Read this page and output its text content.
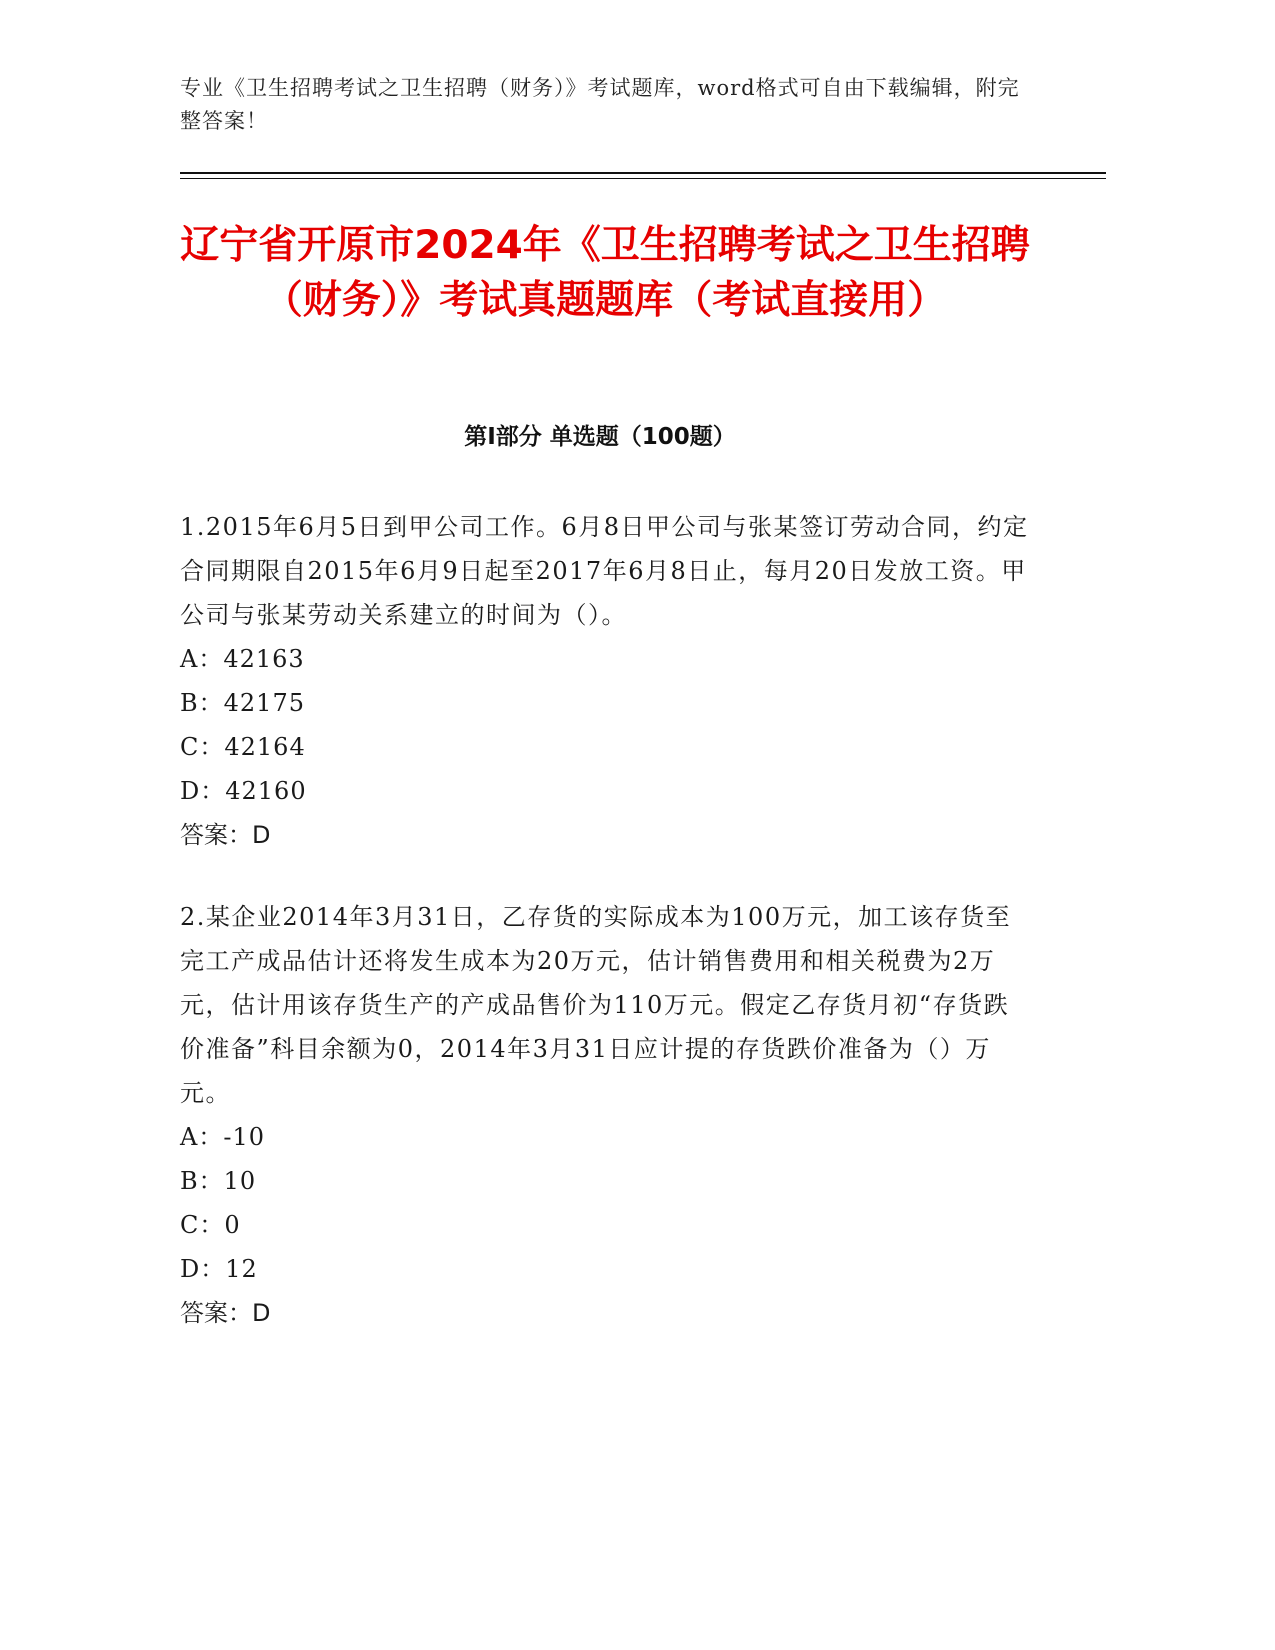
专业《卫生招聘考试之卫生招聘（财务）》考试题库，word格式可自由下载编辑，附完整答案！
辽宁省开原市2024年《卫生招聘考试之卫生招聘（财务）》考试真题题库（考试直接用）
第I部分 单选题（100题）

1.2015年6月5日到甲公司工作。6月8日甲公司与张某签订劳动合同，约定合同期限自2015年6月9日起至2017年6月8日止，每月20日发放工资。甲公司与张某劳动关系建立的时间为（）。

A：42163

B：42175

C：42164

D：42160

答案：D

2.某企业2014年3月31日，乙存货的实际成本为100万元，加工该存货至完工产成品估计还将发生成本为20万元，估计销售费用和相关税费为2万元，估计用该存货生产的产成品售价为110万元。假定乙存货月初“存货跌价准备”科目余额为0，2014年3月31日应计提的存货跌价准备为（）万元。

A：-10

B：10

C：0

D：12

答案：D
